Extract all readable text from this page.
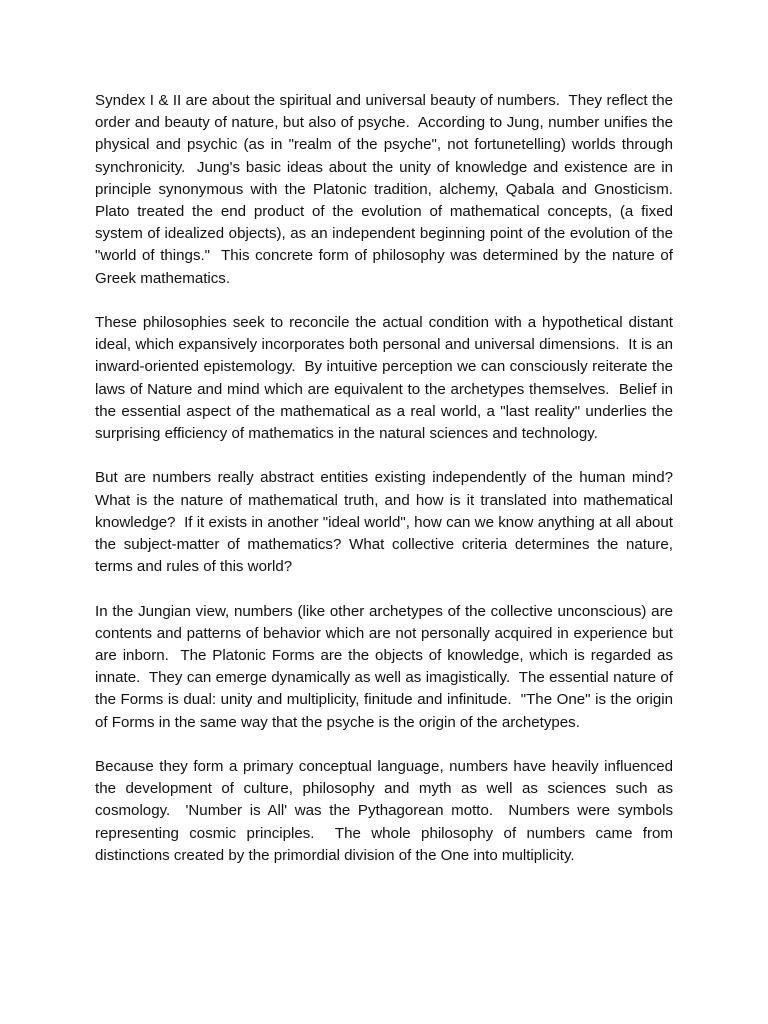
Syndex I & II are about the spiritual and universal beauty of numbers.  They reflect the order and beauty of nature, but also of psyche.  According to Jung, number unifies the physical and psychic (as in "realm of the psyche", not fortunetelling) worlds through synchronicity.  Jung's basic ideas about the unity of knowledge and existence are in principle synonymous with the Platonic tradition, alchemy, Qabala and Gnosticism. Plato treated the end product of the evolution of mathematical concepts, (a fixed system of idealized objects), as an independent beginning point of the evolution of the "world of things."  This concrete form of philosophy was determined by the nature of Greek mathematics.

These philosophies seek to reconcile the actual condition with a hypothetical distant ideal, which expansively incorporates both personal and universal dimensions.  It is an inward-oriented epistemology.  By intuitive perception we can consciously reiterate the laws of Nature and mind which are equivalent to the archetypes themselves.  Belief in the essential aspect of the mathematical as a real world, a "last reality" underlies the surprising efficiency of mathematics in the natural sciences and technology.

But are numbers really abstract entities existing independently of the human mind?  What is the nature of mathematical truth, and how is it translated into mathematical knowledge?  If it exists in another "ideal world", how can we know anything at all about the subject-matter of mathematics? What collective criteria determines the nature, terms and rules of this world?

In the Jungian view, numbers (like other archetypes of the collective unconscious) are contents and patterns of behavior which are not personally acquired in experience but are inborn.  The Platonic Forms are the objects of knowledge, which is regarded as innate.  They can emerge dynamically as well as imagistically.  The essential nature of the Forms is dual: unity and multiplicity, finitude and infinitude.  "The One" is the origin of Forms in the same way that the psyche is the origin of the archetypes.

Because they form a primary conceptual language, numbers have heavily influenced the development of culture, philosophy and myth as well as sciences such as cosmology.  'Number is All' was the Pythagorean motto.  Numbers were symbols representing cosmic principles.  The whole philosophy of numbers came from distinctions created by the primordial division of the One into multiplicity.
